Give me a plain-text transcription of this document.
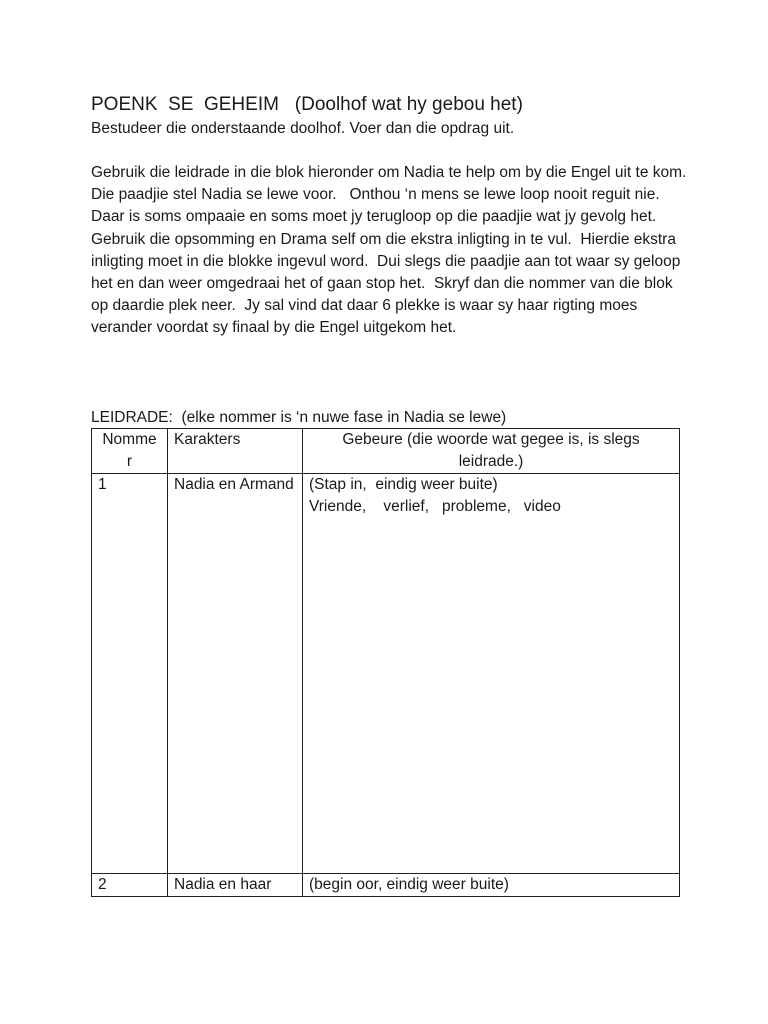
POENK  SE  GEHEIM   (Doolhof wat hy gebou het)

Bestudeer die onderstaande doolhof. Voer dan die opdrag uit.

Gebruik die leidrade in die blok hieronder om Nadia te help om by die Engel uit te kom.  Die paadjie stel Nadia se lewe voor.   Onthou ‘n mens se lewe loop nooit reguit nie.  Daar is soms ompaaie en soms moet jy terugloop op die paadjie wat jy gevolg het.

Gebruik die opsomming en Drama self om die ekstra inligting in te vul.  Hierdie ekstra inligting moet in die blokke ingevul word.  Dui slegs die paadjie aan tot waar sy geloop het en dan weer omgedraai het of gaan stop het.  Skryf dan die nommer van die blok op daardie plek neer.  Jy sal vind dat daar 6 plekke is waar sy haar rigting moes verander voordat sy finaal by die Engel uitgekom het.

LEIDRADE:  (elke nommer is ‘n nuwe fase in Nadia se lewe)

Nomme
r	Karakters	Gebeure (die woorde wat gegee is, is slegs leidrade.)
1	Nadia en Armand	(Stap in,  eindig weer buite)
Vriende,    verlief,   probleme,   video

2	Nadia en haar	(begin oor, eindig weer buite)
